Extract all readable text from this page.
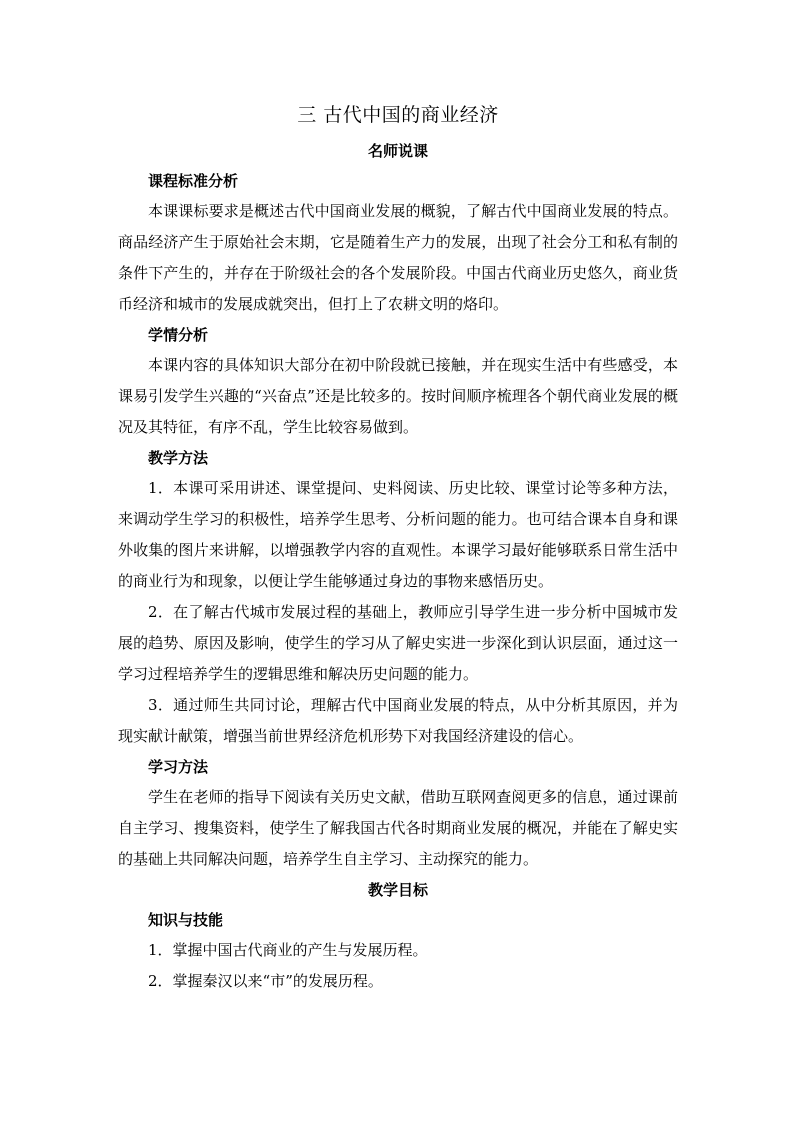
三 古代中国的商业经济
名师说课
课程标准分析

本课课标要求是概述古代中国商业发展的概貌，了解古代中国商业发展的特点。商品经济产生于原始社会末期，它是随着生产力的发展，出现了社会分工和私有制的条件下产生的，并存在于阶级社会的各个发展阶段。中国古代商业历史悠久，商业货币经济和城市的发展成就突出，但打上了农耕文明的烙印。

学情分析

本课内容的具体知识大部分在初中阶段就已接触，并在现实生活中有些感受，本课易引发学生兴趣的“兴奋点”还是比较多的。按时间顺序梳理各个朝代商业发展的概况及其特征，有序不乱，学生比较容易做到。

教学方法

1．本课可采用讲述、课堂提问、史料阅读、历史比较、课堂讨论等多种方法，来调动学生学习的积极性，培养学生思考、分析问题的能力。也可结合课本自身和课外收集的图片来讲解，以增强教学内容的直观性。本课学习最好能够联系日常生活中的商业行为和现象，以便让学生能够通过身边的事物来感悟历史。

2．在了解古代城市发展过程的基础上，教师应引导学生进一步分析中国城市发展的趋势、原因及影响，使学生的学习从了解史实进一步深化到认识层面，通过这一学习过程培养学生的逻辑思维和解决历史问题的能力。

3．通过师生共同讨论，理解古代中国商业发展的特点，从中分析其原因，并为现实献计献策，增强当前世界经济危机形势下对我国经济建设的信心。

学习方法

学生在老师的指导下阅读有关历史文献，借助互联网查阅更多的信息，通过课前自主学习、搜集资料，使学生了解我国古代各时期商业发展的概况，并能在了解史实的基础上共同解决问题，培养学生自主学习、主动探究的能力。

教学目标
知识与技能

1．掌握中国古代商业的产生与发展历程。

2．掌握秦汉以来“市”的发展历程。
